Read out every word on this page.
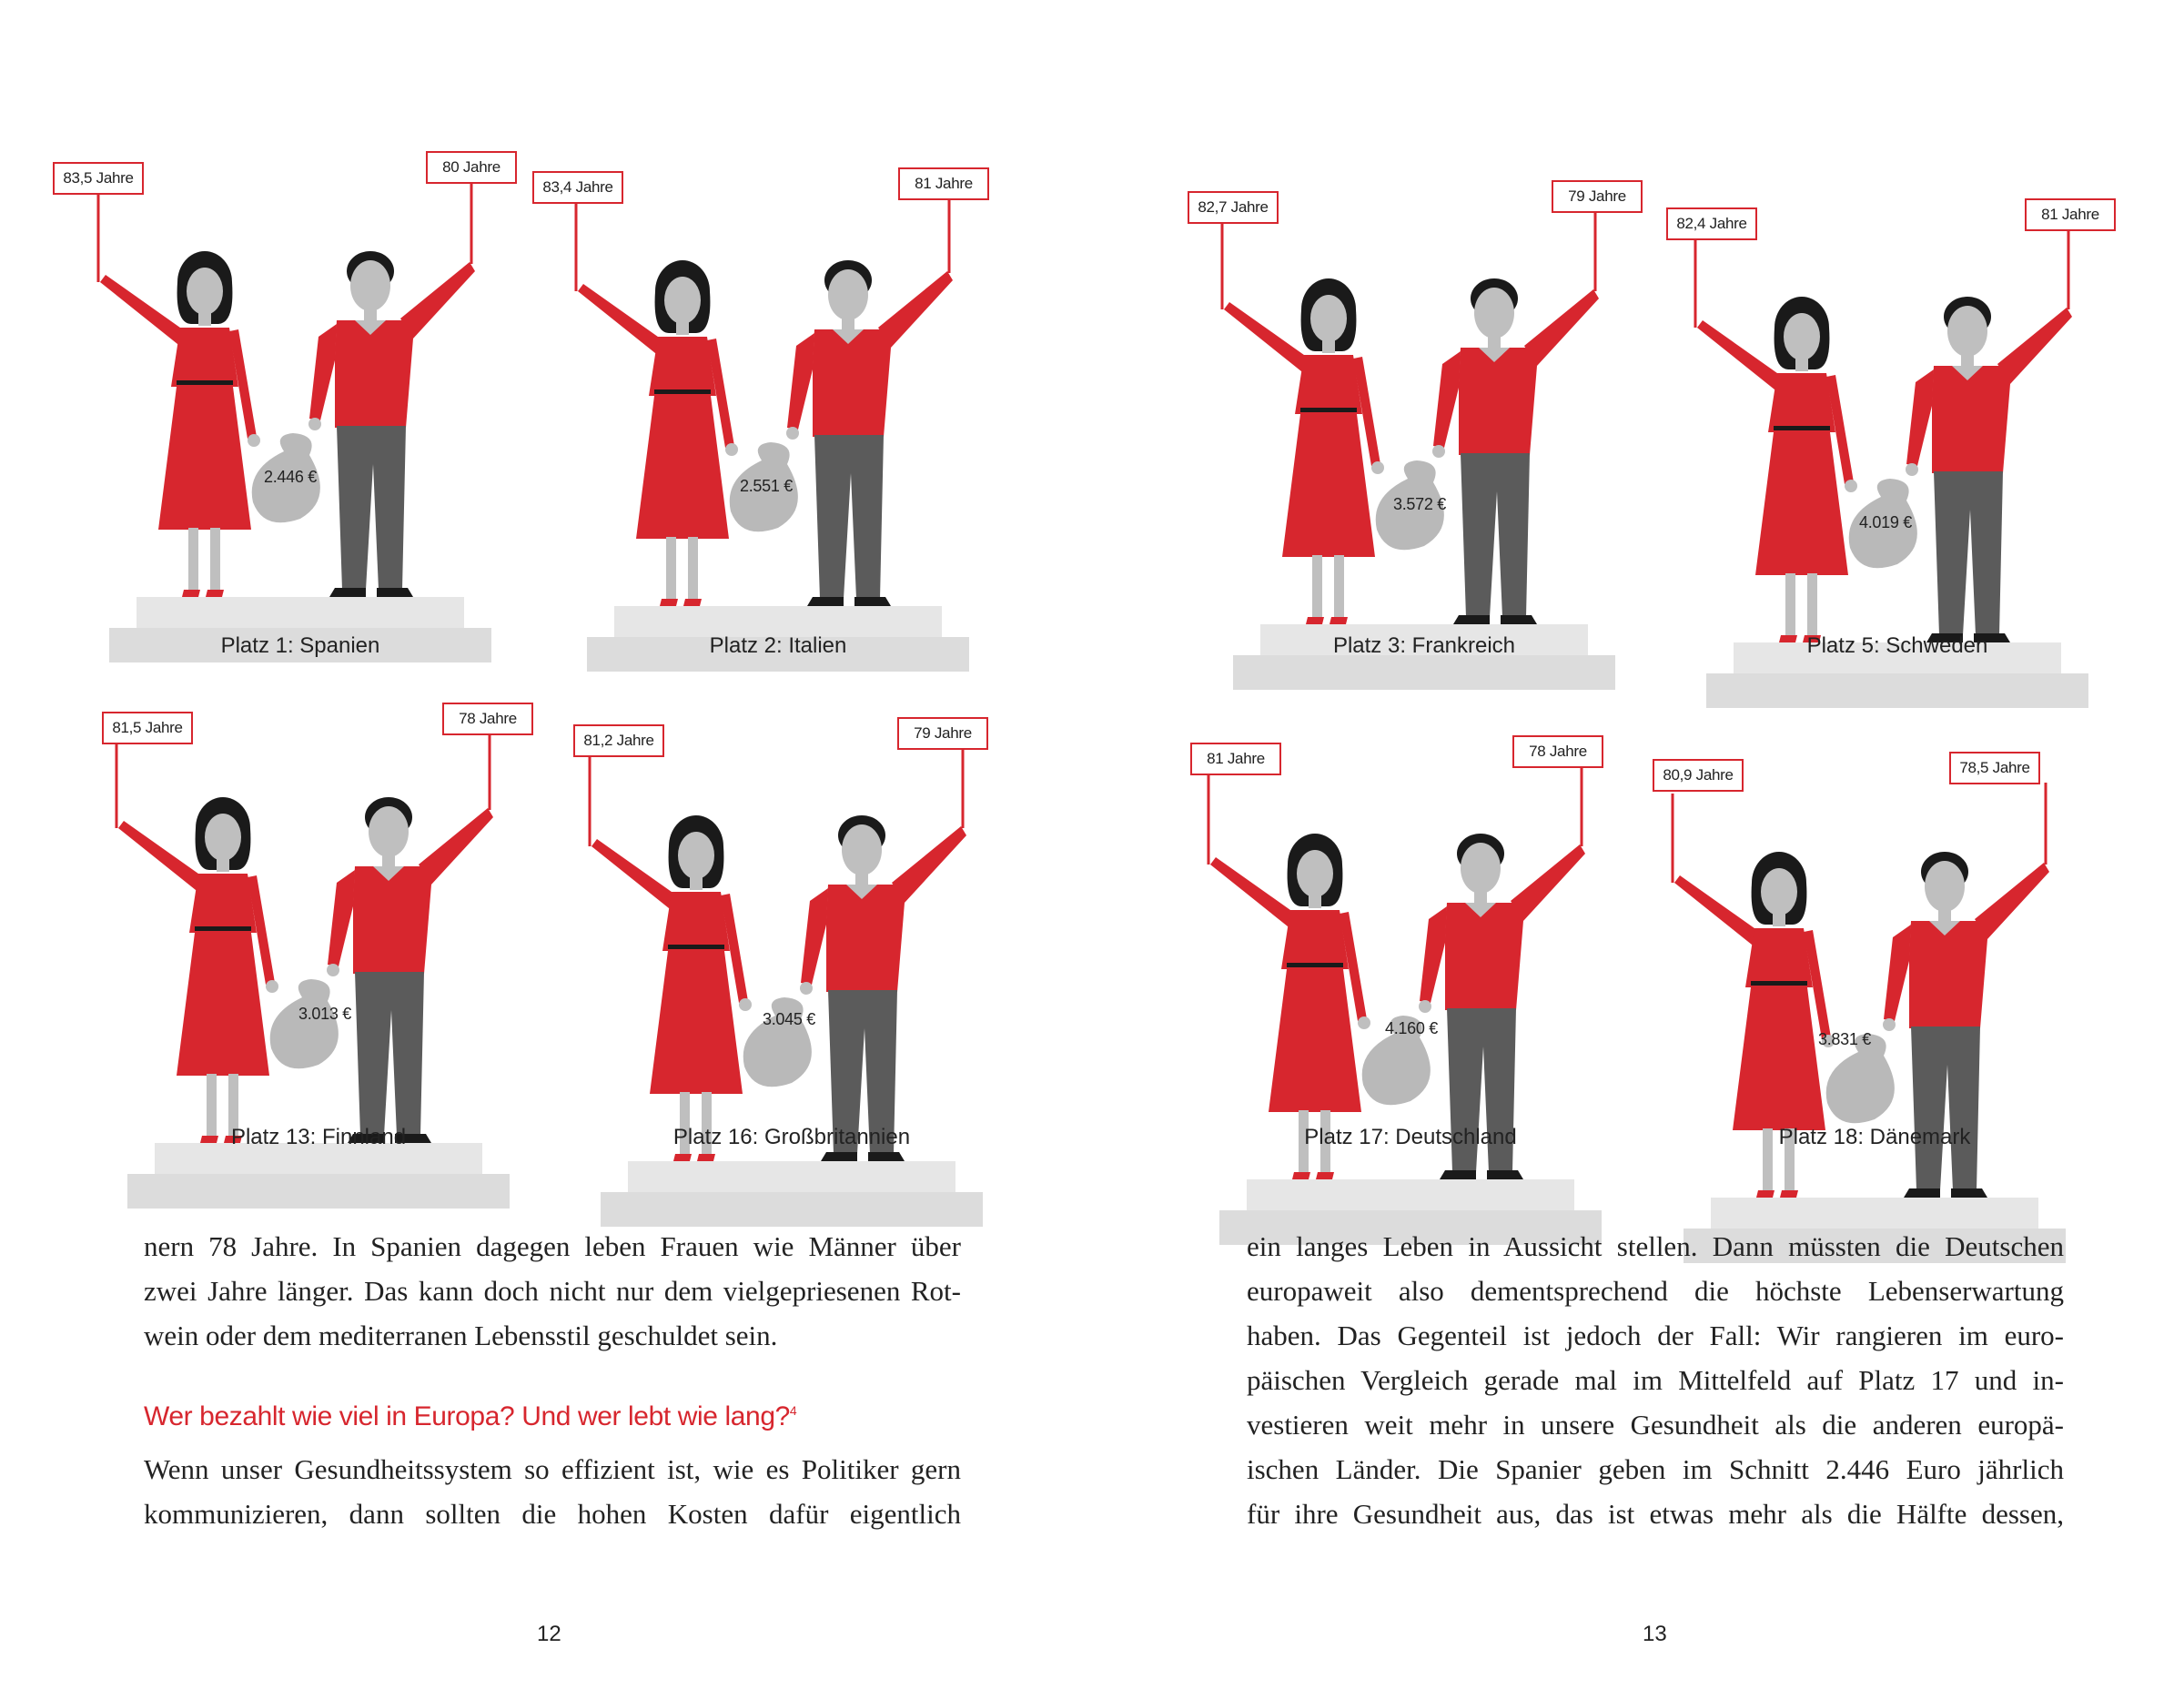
83,5 Jahre
80 Jahre
2.446 €
Platz 1: Spanien
83,4 Jahre	81 Jahre
2.551 €
Platz 2: Italien
82,7 Jahre
79 Jahre
3.572 €
Platz 3: Frankreich
82,4 Jahre
81 Jahre
4.019 €
Platz 5: Schweden
81,5 Jahre
78 Jahre
3.013 €
Platz 13: Finnland
81,2 Jahre	79 Jahre
3.045 €
Platz 16: Großbritannien
81 Jahre	78 Jahre
4.160 €
Platz 17: Deutschland
80,9 Jahre	78,5 Jahre
3.831 €
Platz 18: Dänemark
nern 78 Jahre. In Spanien dagegen leben Frauen wie Männer über
zwei Jahre länger. Das kann doch nicht nur dem vielgepriesenen Rot-
wein oder dem mediterranen Lebensstil geschuldet sein.
Wer bezahlt wie viel in Europa? Und wer lebt wie lang?$^4$
Wenn unser Gesundheitssystem so effizient ist, wie es Politiker gern
kommunizieren, dann sollten die hohen Kosten dafür eigentlich
12
ein langes Leben in Aussicht stellen. Dann müssten die Deutschen
europaweit also dementsprechend die höchste Lebenserwartung
haben. Das Gegenteil ist jedoch der Fall: Wir rangieren im euro-
päischen Vergleich gerade mal im Mittelfeld auf Platz 17 und in-
vestieren weit mehr in unsere Gesundheit als die anderen europä-
ischen Länder. Die Spanier geben im Schnitt 2.446 Euro jährlich
für ihre Gesundheit aus, das ist etwas mehr als die Hälfte dessen,
13
